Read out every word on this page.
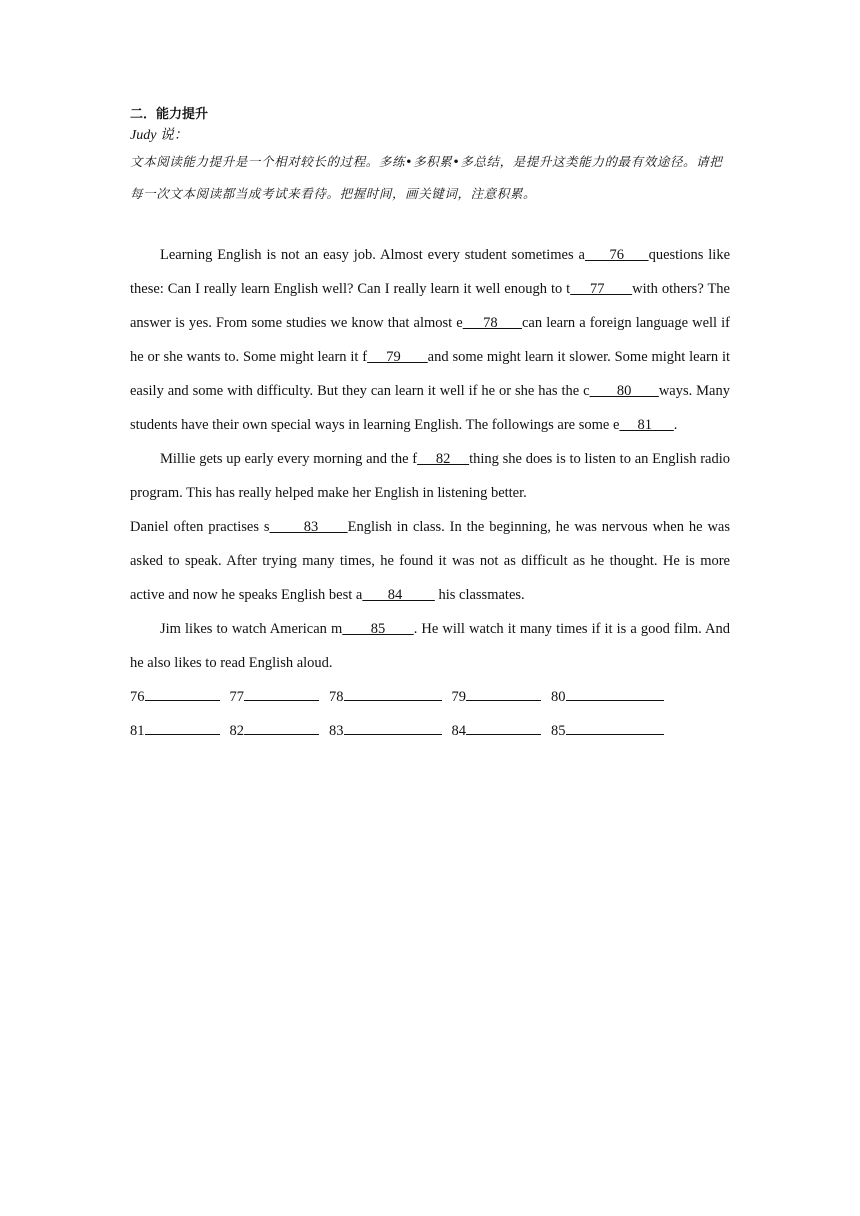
二．能力提升
Judy 说：

文本阅读能力提升是一个相对较长的过程。多练•多积累•多总结，是提升这类能力的最有效途径。请把每一次文本阅读都当成考试来看待。把握时间，画关键词，注意积累。

Learning English is not an easy job. Almost every student sometimes a     76     questions like these: Can I really learn English well? Can I really learn it well enough to t     77       with others? The answer is yes. From some studies we know that almost e     78      can learn a foreign language well if he or she wants to. Some might learn it f     79       and some might learn it slower. Some might learn it easily and some with difficulty. But they can learn it well if he or she has the c       80       ways. Many students have their own special ways in learning English. The followings are some e     81      .

Millie gets up early every morning and the f     82     thing she does is to listen to an English radio program. This has really helped make her English in listening better.

Daniel often practises s       83      English in class. In the beginning, he was nervous when he was asked to speak. After trying many times, he found it was not as difficult as he thought. He is more active and now he speaks English best a       84          his classmates.

Jim likes to watch American m       85       . He will watch it many times if it is a good film. And he also likes to read English aloud.

76	77	78	79	80
81	82	83	84	85
